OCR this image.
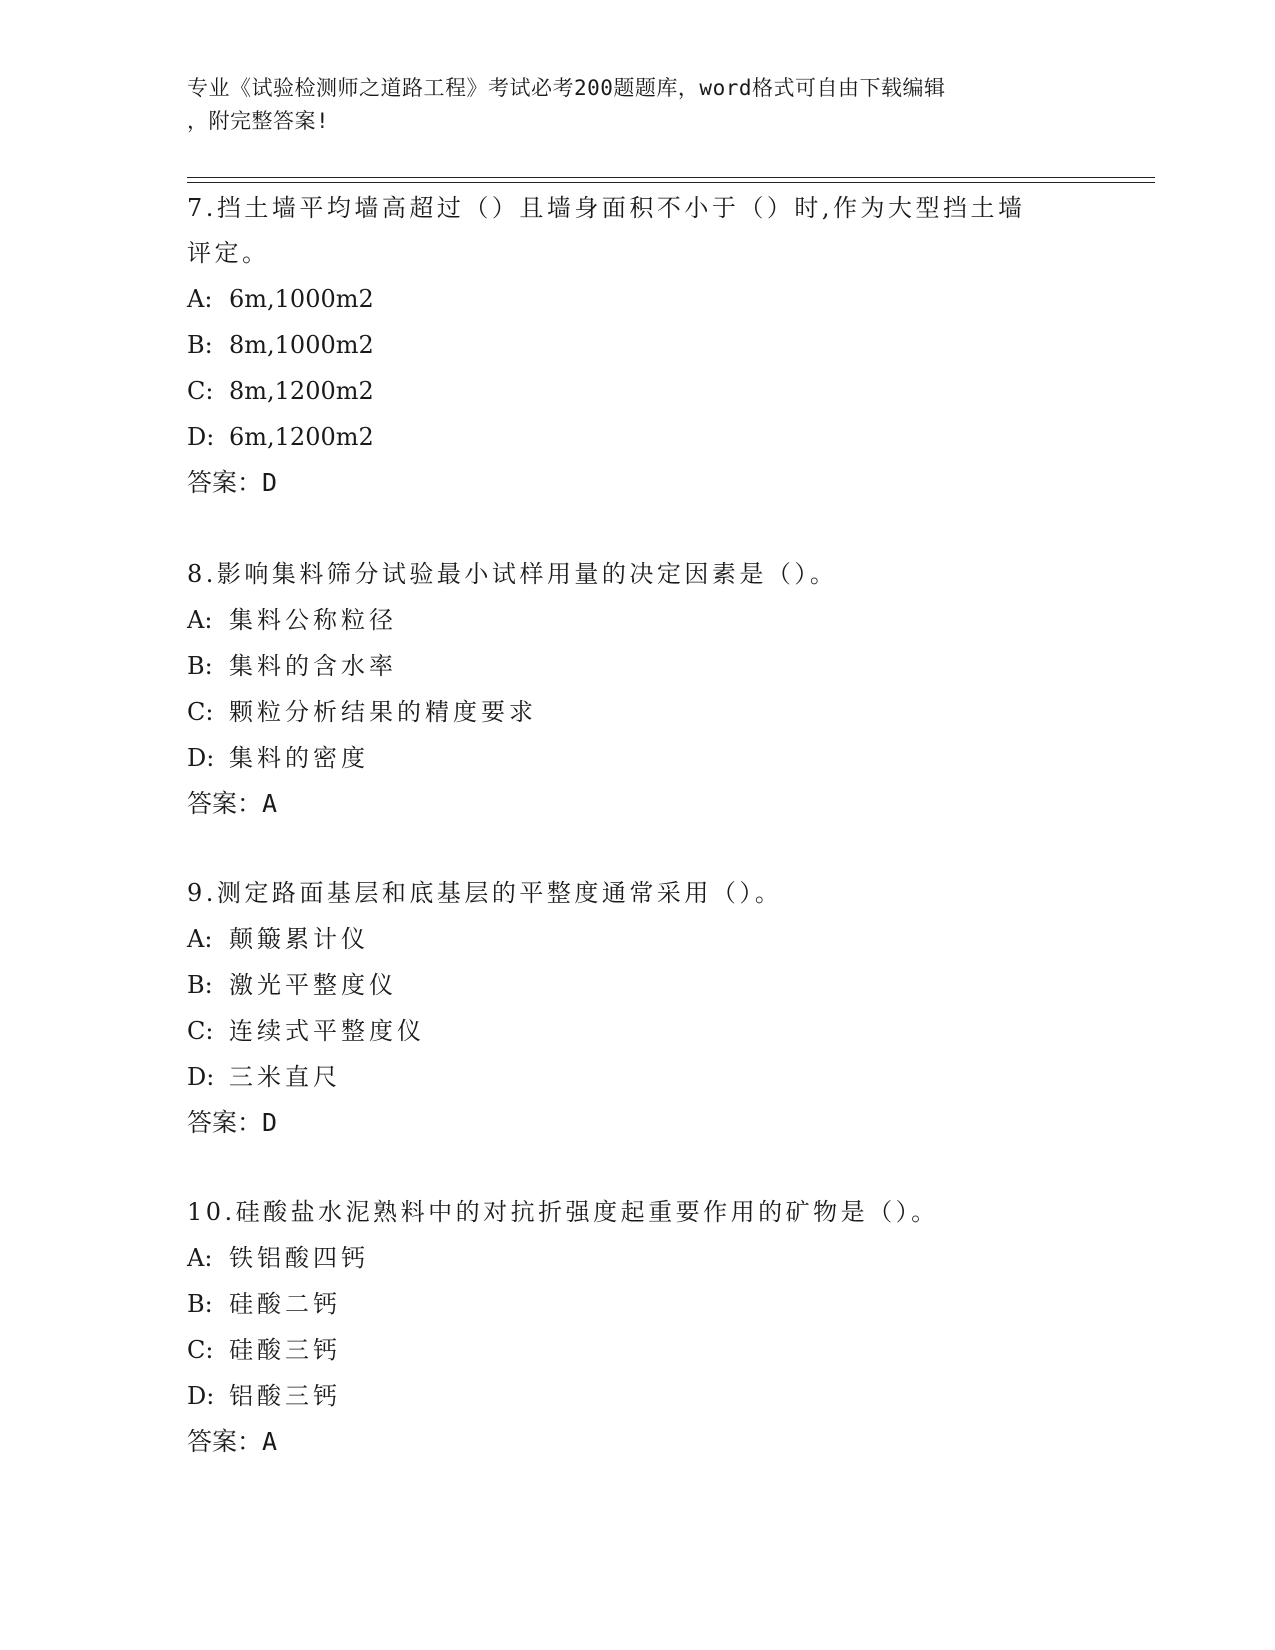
专业《试验检测师之道路工程》考试必考200题题库，word格式可自由下载编辑
，附完整答案!
7.挡土墙平均墙高超过（）且墙身面积不小于（）时,作为大型挡土墙
评定。
A: 6m,1000m2
B: 8m,1000m2
C: 8m,1200m2
D: 6m,1200m2
答案：D
8.影响集料筛分试验最小试样用量的决定因素是（）。
A: 集料公称粒径
B: 集料的含水率
C: 颗粒分析结果的精度要求
D: 集料的密度
答案：A
9.测定路面基层和底基层的平整度通常采用（）。
A: 颠簸累计仪
B: 激光平整度仪
C: 连续式平整度仪
D: 三米直尺
答案：D
10.硅酸盐水泥熟料中的对抗折强度起重要作用的矿物是（）。
A: 铁铝酸四钙
B: 硅酸二钙
C: 硅酸三钙
D: 铝酸三钙
答案：A
